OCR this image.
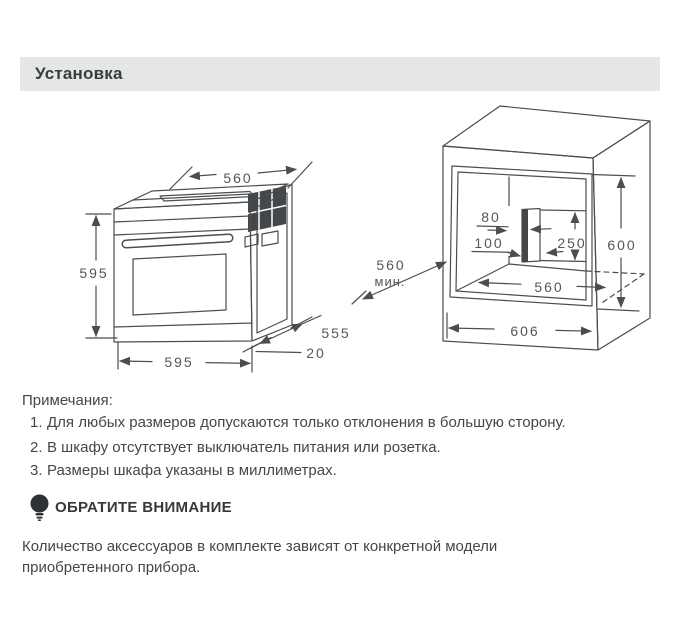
Установка
560
595
595
555
20
80
100	250 600
560
560
мин.
606
Примечания:
1. Для любых размеров допускаются только отклонения в большую сторону.
2. В шкафу отсутствует выключатель питания или розетка.
3. Размеры шкафа указаны в миллиметрах.
ОБРАТИТЕ ВНИМАНИЕ
Количество аксессуаров в комплекте зависят от конкретной модели приобретенного прибора.
